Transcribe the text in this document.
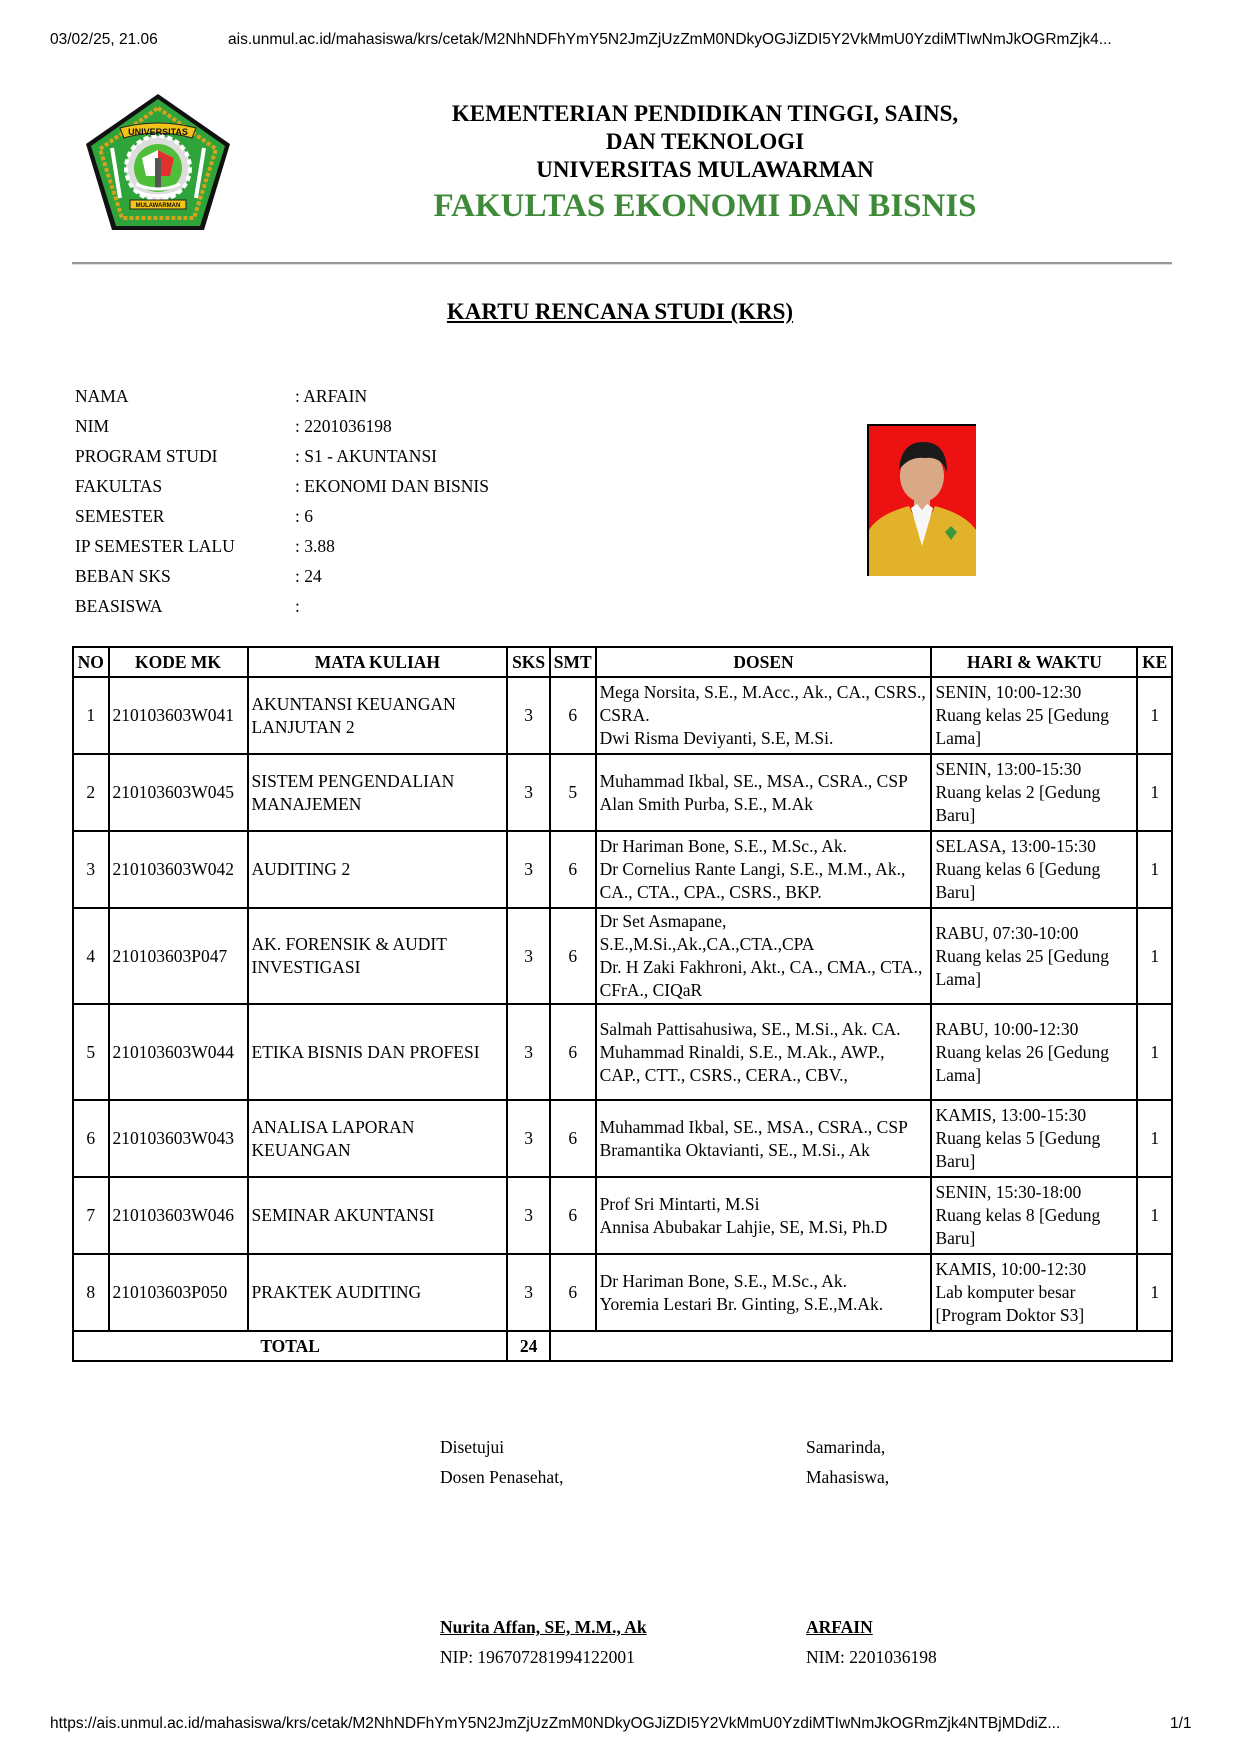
03/02/25, 21.06	ais.unmul.ac.id/mahasiswa/krs/cetak/M2NhNDFhYmY5N2JmZjUzZmM0NDkyOGJiZDI5Y2VkMmU0YzdiMTIwNmJkOGRmZjk4...
UNIVERSITAS
MULAWARMAN
KEMENTERIAN PENDIDIKAN TINGGI, SAINS,
DAN TEKNOLOGI
UNIVERSITAS MULAWARMAN
FAKULTAS EKONOMI DAN BISNIS
KARTU RENCANA STUDI (KRS)
NAMA	: ARFAIN
NIM	: 2201036198
PROGRAM STUDI	: S1 - AKUNTANSI
FAKULTAS	: EKONOMI DAN BISNIS
SEMESTER	: 6
IP SEMESTER LALU	: 3.88
BEBAN SKS	: 24
BEASISWA	:
NO	KODE MK	MATA KULIAH	SKS	SMT	DOSEN	HARI & WAKTU	KE
1	210103603W041	AKUNTANSI KEUANGAN LANJUTAN 2	3	6	Mega Norsita, S.E., M.Acc., Ak., CA., CSRS., CSRA.
Dwi Risma Deviyanti, S.E, M.Si.	SENIN, 10:00-12:30
Ruang kelas 25 [Gedung Lama]	1
2	210103603W045	SISTEM PENGENDALIAN MANAJEMEN	3	5	Muhammad Ikbal, SE., MSA., CSRA., CSP
Alan Smith Purba, S.E., M.Ak	SENIN, 13:00-15:30
Ruang kelas 2 [Gedung Baru]	1
3	210103603W042	AUDITING 2	3	6	Dr Hariman Bone, S.E., M.Sc., Ak.
Dr Cornelius Rante Langi, S.E., M.M., Ak., CA., CTA., CPA., CSRS., BKP.	SELASA, 13:00-15:30
Ruang kelas 6 [Gedung Baru]	1
4	210103603P047	AK. FORENSIK & AUDIT INVESTIGASI	3	6	Dr Set Asmapane, S.E.,M.Si.,Ak.,CA.,CTA.,CPA
Dr. H Zaki Fakhroni, Akt., CA., CMA., CTA., CFrA., CIQaR	RABU, 07:30-10:00
Ruang kelas 25 [Gedung Lama]	1
5	210103603W044	ETIKA BISNIS DAN PROFESI	3	6	Salmah Pattisahusiwa, SE., M.Si., Ak. CA.
Muhammad Rinaldi, S.E., M.Ak., AWP., CAP., CTT., CSRS., CERA., CBV.,	RABU, 10:00-12:30
Ruang kelas 26 [Gedung Lama]	1
6	210103603W043	ANALISA LAPORAN KEUANGAN	3	6	Muhammad Ikbal, SE., MSA., CSRA., CSP
Bramantika Oktavianti, SE., M.Si., Ak	KAMIS, 13:00-15:30
Ruang kelas 5 [Gedung Baru]	1
7	210103603W046	SEMINAR AKUNTANSI	3	6	Prof Sri Mintarti, M.Si
Annisa Abubakar Lahjie, SE, M.Si, Ph.D	SENIN, 15:30-18:00
Ruang kelas 8 [Gedung Baru]	1
8	210103603P050	PRAKTEK AUDITING	3	6	Dr Hariman Bone, S.E., M.Sc., Ak.
Yoremia Lestari Br. Ginting, S.E.,M.Ak.	KAMIS, 10:00-12:30
Lab komputer besar [Program Doktor S3]	1
TOTAL			24				
Disetujui
Dosen Penasehat,
Nurita Affan, SE, M.M., Ak
NIP: 196707281994122001
Samarinda,
Mahasiswa,
ARFAIN
NIM: 2201036198
https://ais.unmul.ac.id/mahasiswa/krs/cetak/M2NhNDFhYmY5N2JmZjUzZmM0NDkyOGJiZDI5Y2VkMmU0YzdiMTIwNmJkOGRmZjk4NTBjMDdiZ...	1/1
